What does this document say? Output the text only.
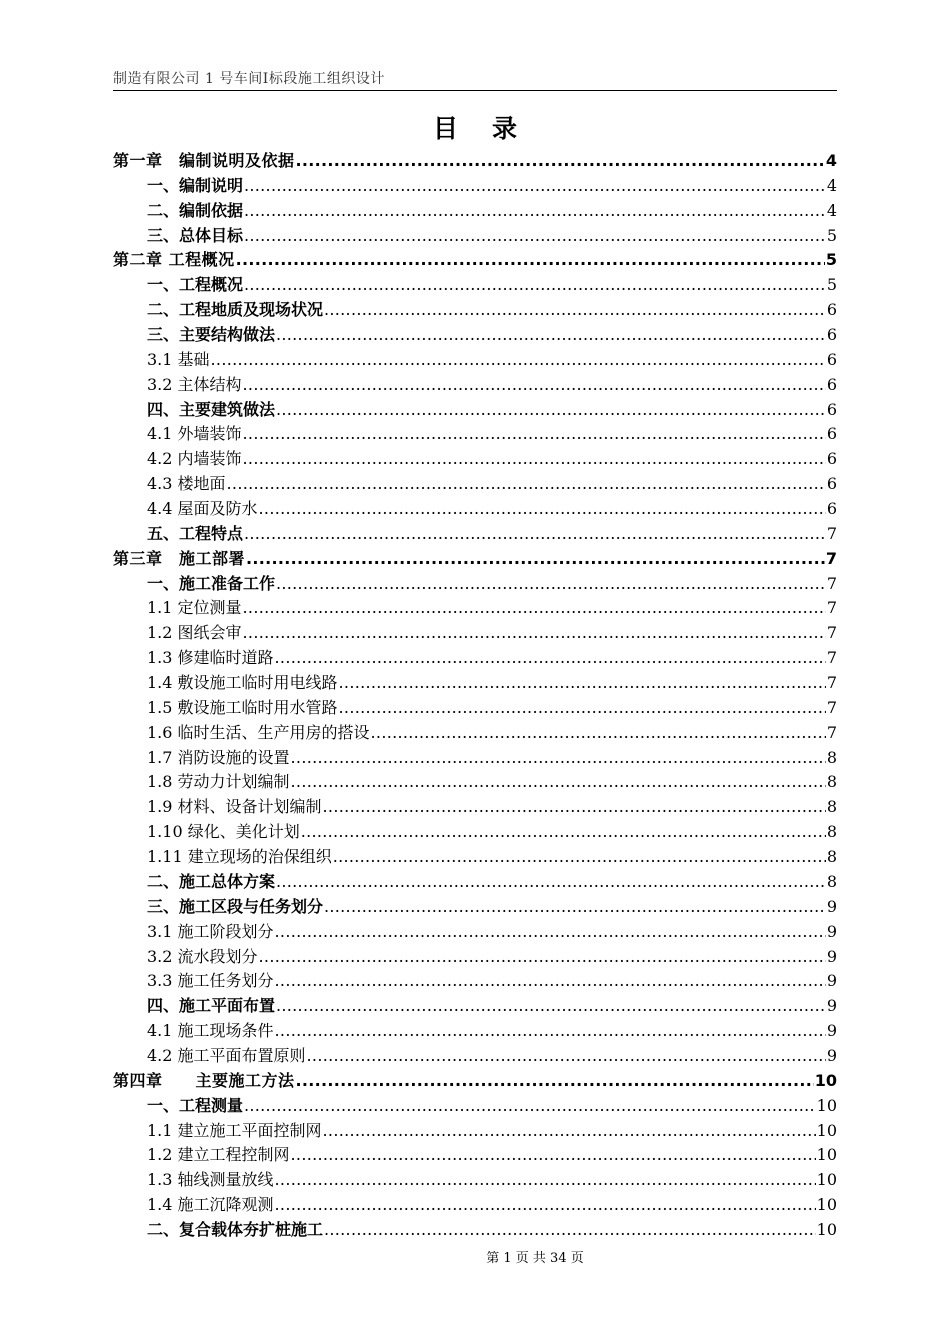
制造有限公司 1 号车间Ⅰ标段施工组织设计
目录
第一章　编制说明及依据 .....	4
一、编制说明 .....	4
二、编制依据 .....	4
三、总体目标 .....	5
第二章 工程概况 .....	5
一、工程概况 .....	5
二、工程地质及现场状况 .....	6
三、主要结构做法 .....	6
3.1 基础 .....	6
3.2 主体结构 .....	6
四、主要建筑做法 .....	6
4.1 外墙装饰 .....	6
4.2 内墙装饰 .....	6
4.3 楼地面 .....	6
4.4 屋面及防水 .....	6
五、工程特点 .....	7
第三章　施工部署 .....	7
一、施工准备工作 .....	7
1.1 定位测量 .....	7
1.2 图纸会审 .....	7
1.3 修建临时道路 .....	7
1.4 敷设施工临时用电线路 .....	7
1.5 敷设施工临时用水管路 .....	7
1.6 临时生活、生产用房的搭设 .....	7
1.7 消防设施的设置 .....	8
1.8 劳动力计划编制 .....	8
1.9 材料、设备计划编制 .....	8
1.10 绿化、美化计划 .....	8
1.11 建立现场的治保组织 .....	8
二、施工总体方案 .....	8
三、施工区段与任务划分 .....	9
3.1 施工阶段划分 .....	9
3.2 流水段划分 .....	9
3.3 施工任务划分 .....	9
四、施工平面布置 .....	9
4.1 施工现场条件 .....	9
4.2 施工平面布置原则 .....	9
第四章　　主要施工方法 .....	10
一、工程测量 .....	10
1.1 建立施工平面控制网 .....	10
1.2 建立工程控制网 .....	10
1.3 轴线测量放线 .....	10
1.4 施工沉降观测 .....	10
二、复合载体夯扩桩施工 .....	10
第 1 页 共 34 页
